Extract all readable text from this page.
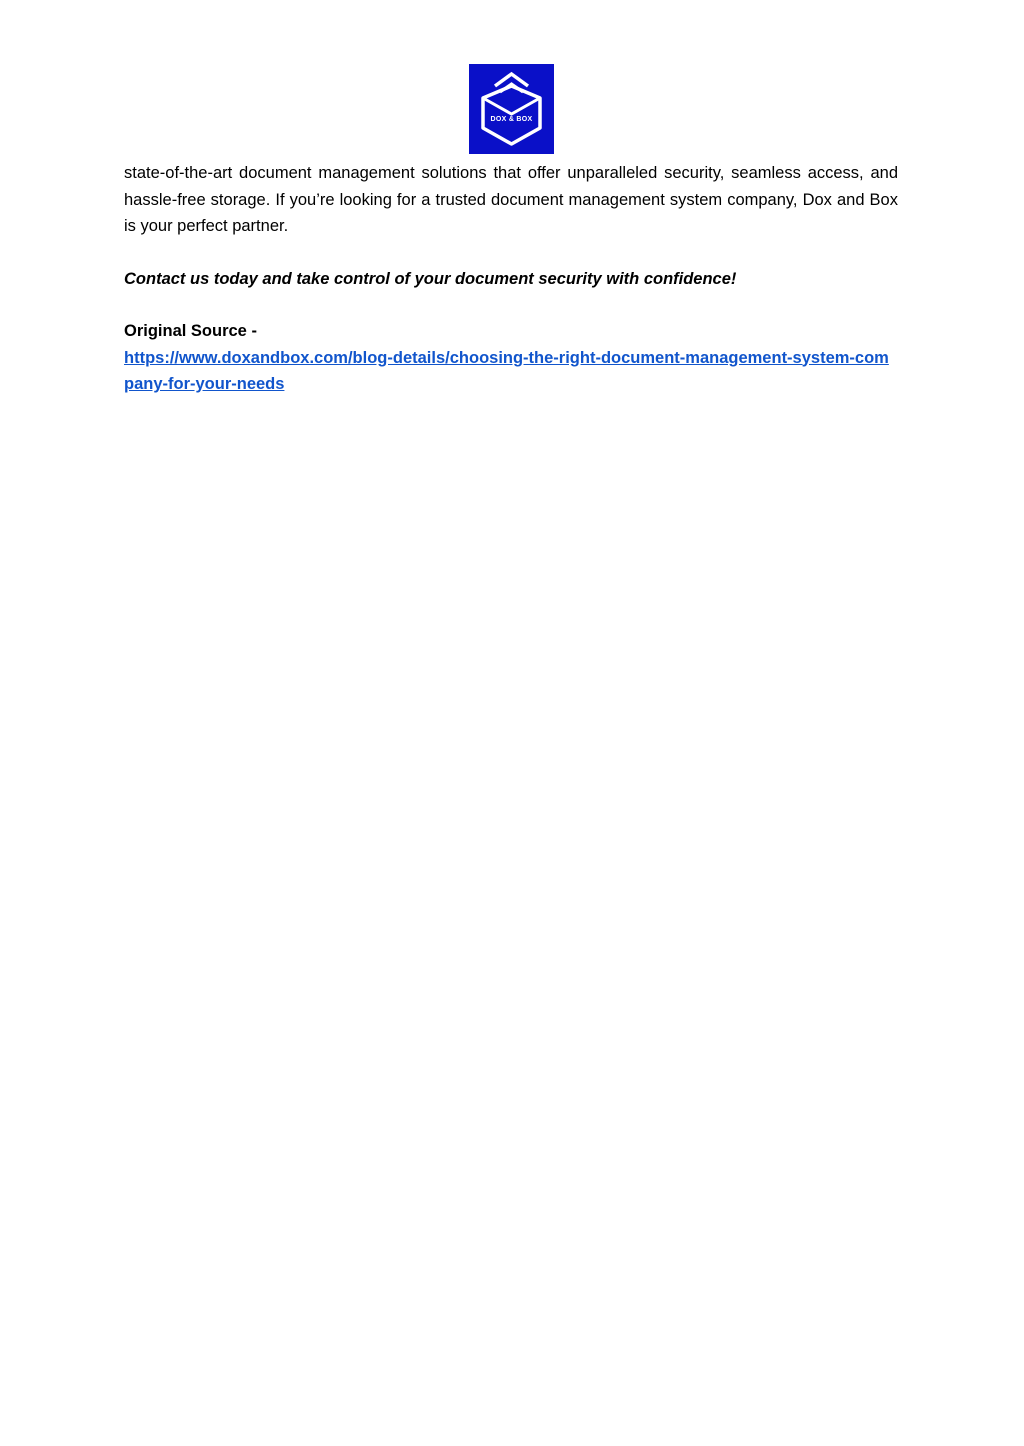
DOX & BOX

state-of-the-art document management solutions that offer unparalleled security, seamless access, and hassle-free storage. If you’re looking for a trusted document management system company, Dox and Box is your perfect partner.

Contact us today and take control of your document security with confidence!

Original Source -
https://www.doxandbox.com/blog-details/choosing-the-right-document-management-system-company-for-your-needs
